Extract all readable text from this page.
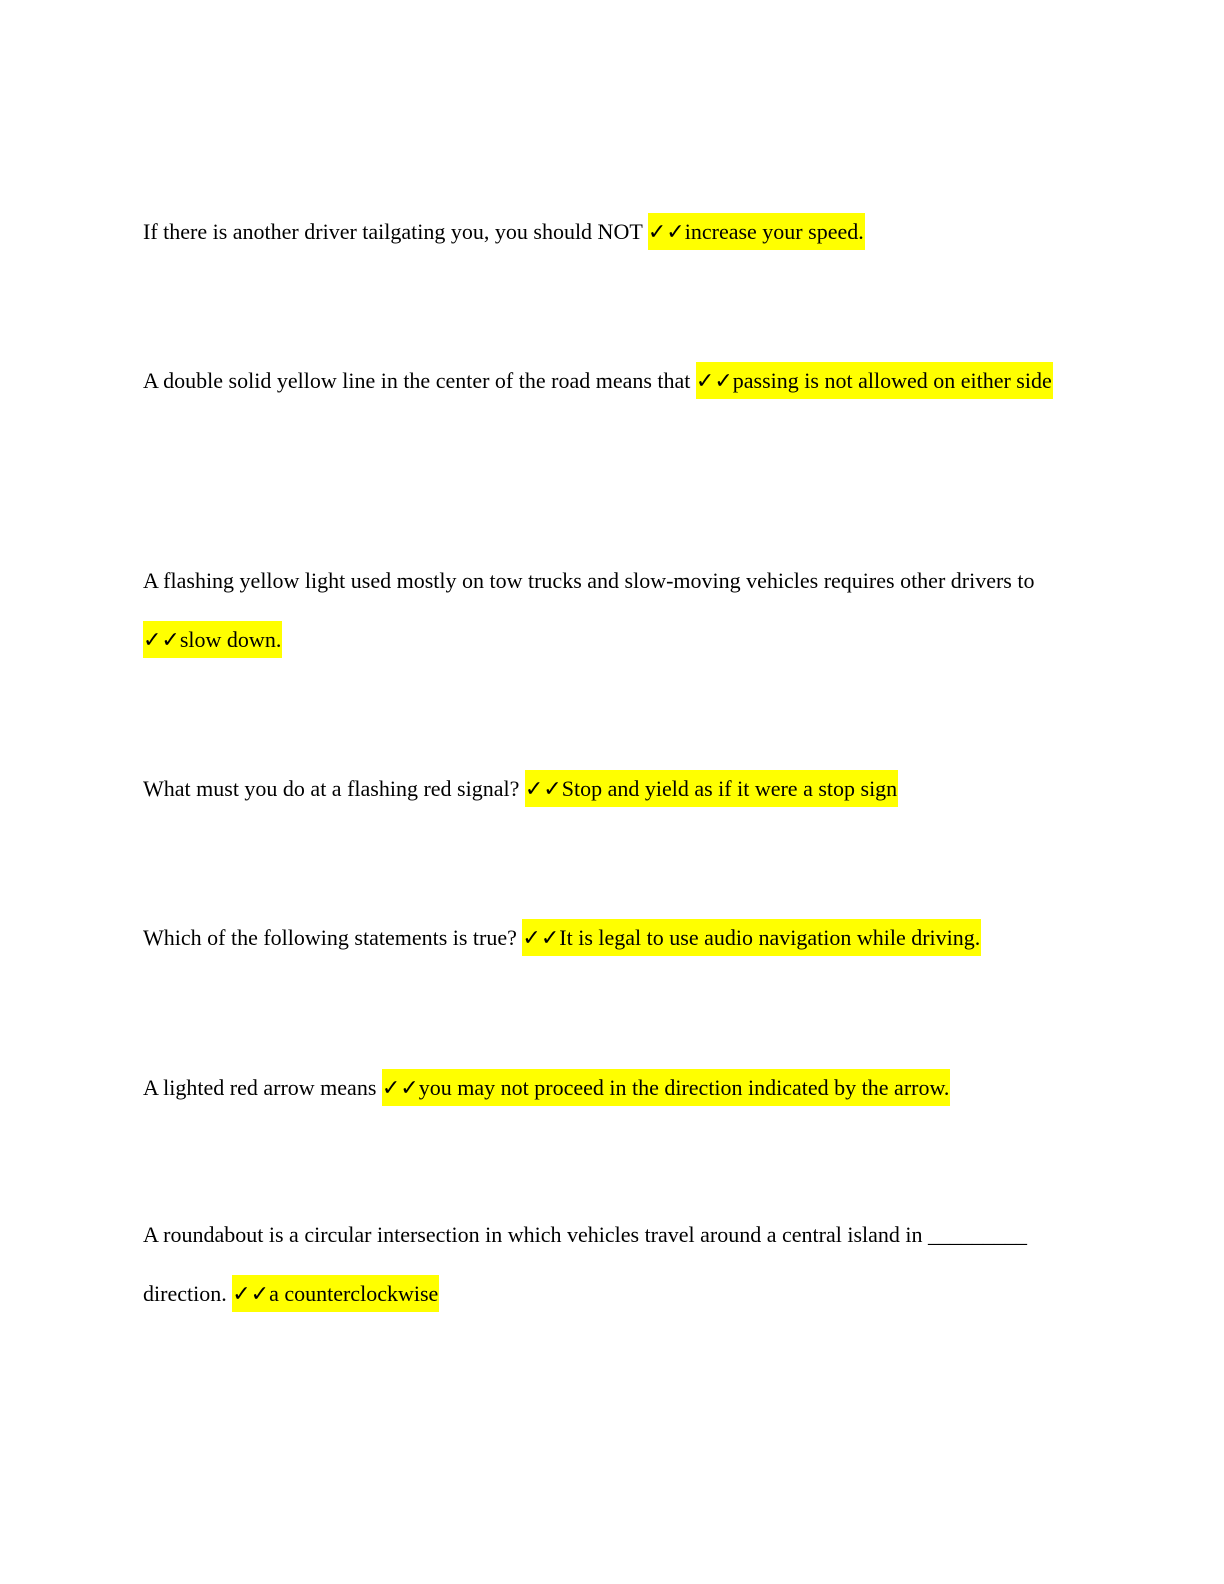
If there is another driver tailgating you, you should NOT ✓✓increase your speed.

A double solid yellow line in the center of the road means that ✓✓passing is not allowed on either side

A flashing yellow light used mostly on tow trucks and slow-moving vehicles requires other drivers to ✓✓slow down.

What must you do at a flashing red signal? ✓✓Stop and yield as if it were a stop sign

Which of the following statements is true? ✓✓It is legal to use audio navigation while driving.

A lighted red arrow means ✓✓you may not proceed in the direction indicated by the arrow.

A roundabout is a circular intersection in which vehicles travel around a central island in _________ direction. ✓✓a counterclockwise
